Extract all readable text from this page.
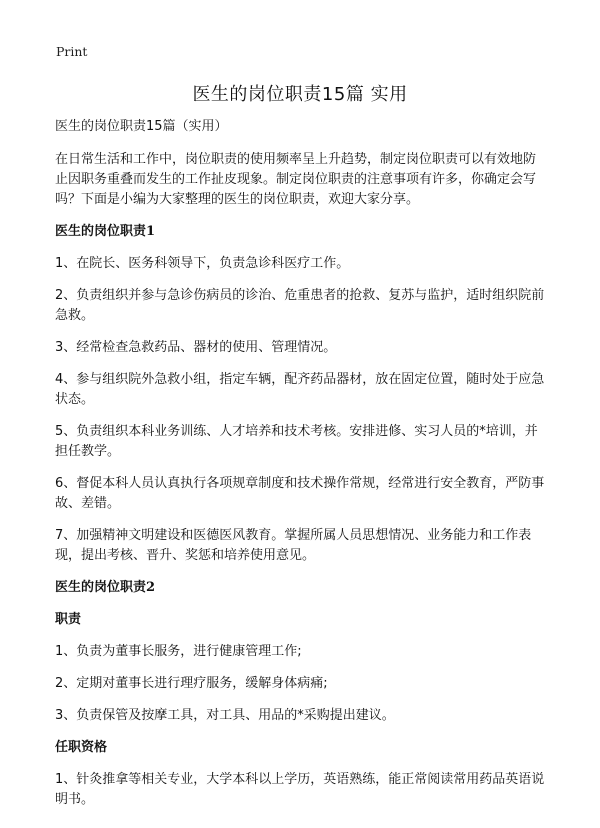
Print

医生的岗位职责15篇 实用

医生的岗位职责15篇（实用）

在日常生活和工作中，岗位职责的使用频率呈上升趋势，制定岗位职责可以有效地防止因职务重叠而发生的工作扯皮现象。制定岗位职责的注意事项有许多，你确定会写吗？下面是小编为大家整理的医生的岗位职责，欢迎大家分享。

医生的岗位职责1

1、在院长、医务科领导下，负责急诊科医疗工作。

2、负责组织并参与急诊伤病员的诊治、危重患者的抢救、复苏与监护，适时组织院前急救。

3、经常检查急救药品、器材的使用、管理情况。

4、参与组织院外急救小组，指定车辆，配齐药品器材，放在固定位置，随时处于应急状态。

5、负责组织本科业务训练、人才培养和技术考核。安排进修、实习人员的*培训，并担任教学。

6、督促本科人员认真执行各项规章制度和技术操作常规，经常进行安全教育，严防事故、差错。

7、加强精神文明建设和医德医风教育。掌握所属人员思想情况、业务能力和工作表现，提出考核、晋升、奖惩和培养使用意见。

医生的岗位职责2

职责

1、负责为董事长服务，进行健康管理工作;

2、定期对董事长进行理疗服务，缓解身体病痛;

3、负责保管及按摩工具，对工具、用品的*采购提出建议。

任职资格

1、针灸推拿等相关专业，大学本科以上学历，英语熟练，能正常阅读常用药品英语说明书。
